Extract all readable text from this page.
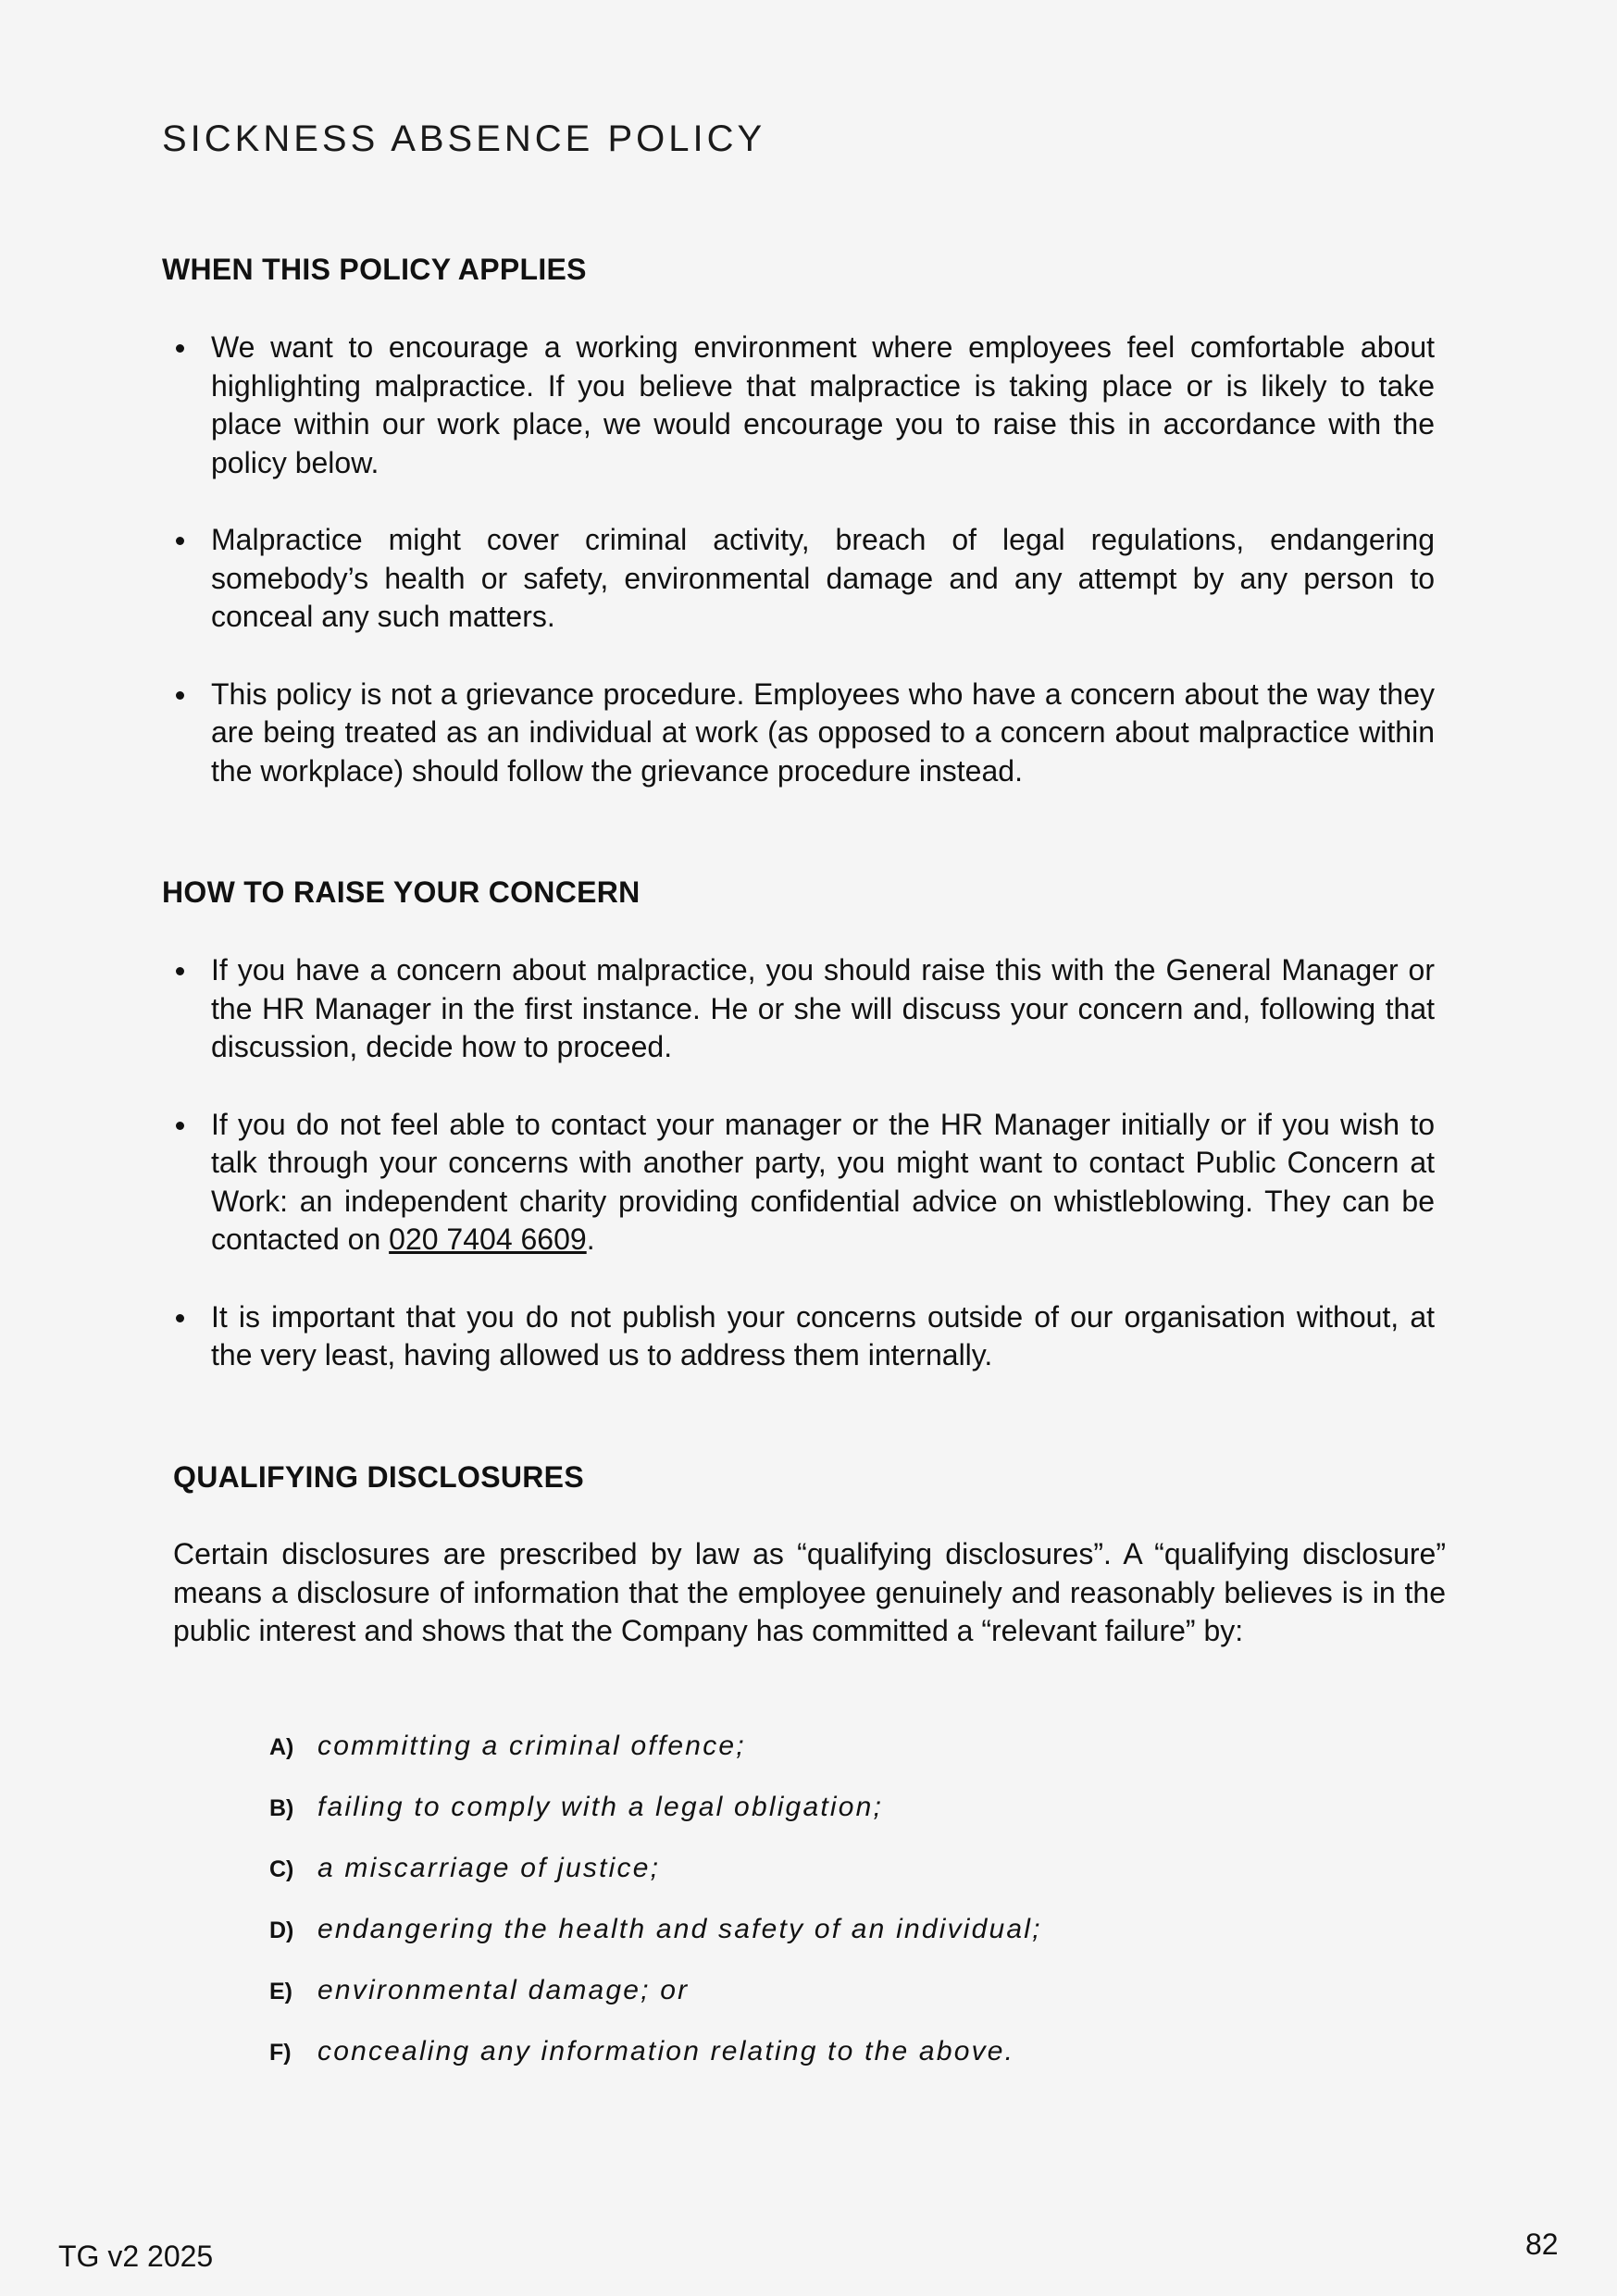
SICKNESS ABSENCE POLICY
WHEN THIS POLICY APPLIES
We want to encourage a working environment where employees feel comfortable about highlighting malpractice. If you believe that malpractice is taking place or is likely to take place within our work place, we would encourage you to raise this in accordance with the policy below.
Malpractice might cover criminal activity, breach of legal regulations, endangering somebody’s health or safety, environmental damage and any attempt by any person to conceal any such matters.
This policy is not a grievance procedure. Employees who have a concern about the way they are being treated as an individual at work (as opposed to a concern about malpractice within the workplace) should follow the grievance procedure instead.
HOW TO RAISE YOUR CONCERN
If you have a concern about malpractice, you should raise this with the General Manager or the HR Manager in the first instance. He or she will discuss your concern and, following that discussion, decide how to proceed.
If you do not feel able to contact your manager or the HR Manager initially or if you wish to talk through your concerns with another party, you might want to contact Public Concern at Work: an independent charity providing confidential advice on whistleblowing. They can be contacted on 020 7404 6609.
It is important that you do not publish your concerns outside of our organisation without, at the very least, having allowed us to address them internally.
QUALIFYING DISCLOSURES

Certain disclosures are prescribed by law as “qualifying disclosures”. A “qualifying disclosure” means a disclosure of information that the employee genuinely and reasonably believes is in the public interest and shows that the Company has committed a “relevant failure” by:

A) committing a criminal offence;
B) failing to comply with a legal obligation;
C) a miscarriage of justice;
D) endangering the health and safety of an individual;
E) environmental damage; or
F) concealing any information relating to the above.
TG v2 2025	82
